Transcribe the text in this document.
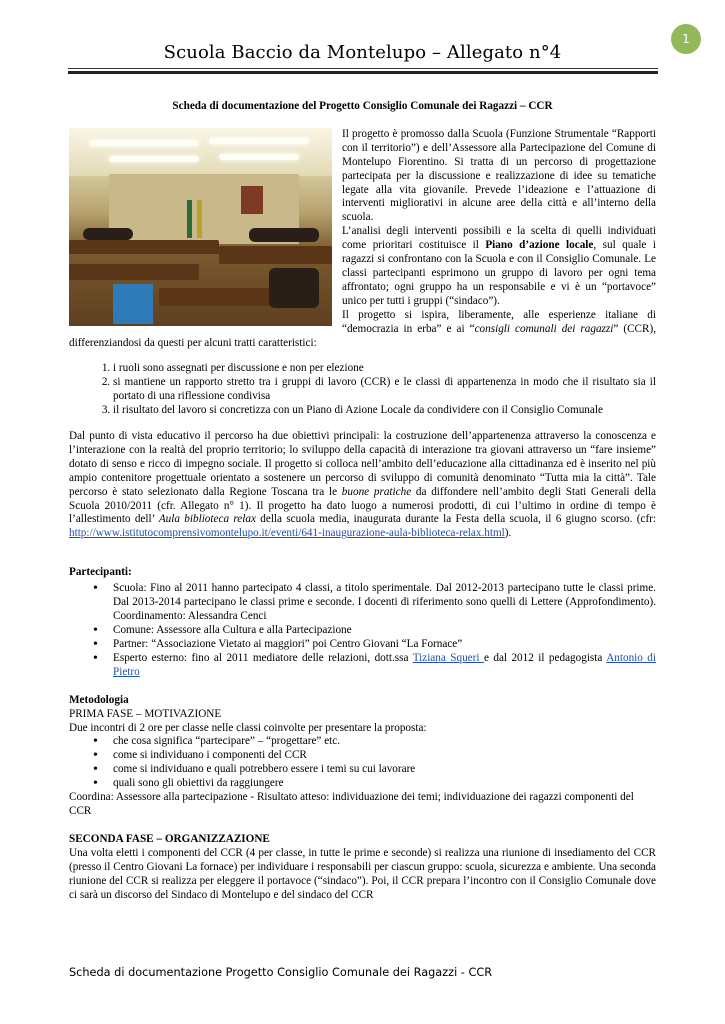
1
Scuola Baccio da Montelupo – Allegato n°4
Scheda di documentazione del Progetto Consiglio Comunale dei Ragazzi – CCR

Il progetto è promosso dalla Scuola (Funzione Strumentale “Rapporti con il territorio”) e dell’Assessore alla Partecipazione del Comune di Montelupo Fiorentino. Si tratta di un percorso di progettazione partecipata per la discussione e realizzazione di idee su tematiche legate alla vita giovanile. Prevede l’ideazione e l’attuazione di interventi migliorativi in alcune aree della città e all’interno della scuola.

L’analisi degli interventi possibili e la scelta di quelli individuati come prioritari costituisce il Piano d’azione locale, sul quale i ragazzi si confrontano con la Scuola e con il Consiglio Comunale. Le classi partecipanti esprimono un gruppo di lavoro per ogni tema affrontato; ogni gruppo ha un responsabile e vi è un “portavoce” unico per tutti i gruppi (“sindaco”).

Il progetto si ispira, liberamente, alle esperienze italiane di “democrazia in erba” e ai “consigli comunali dei ragazzi” (CCR), differenziandosi da questi per alcuni tratti caratteristici:

1. i ruoli sono assegnati per discussione e non per elezione
2. si mantiene un rapporto stretto tra i gruppi di lavoro (CCR) e le classi di appartenenza in modo che il risultato sia il portato di una riflessione condivisa
3. il risultato del lavoro si concretizza con un Piano di Azione Locale da condividere con il Consiglio Comunale

Dal punto di vista educativo il percorso ha due obiettivi principali: la costruzione dell’appartenenza attraverso la conoscenza e l’interazione con la realtà del proprio territorio; lo sviluppo della capacità di interazione tra giovani attraverso un “fare insieme” dotato di senso e ricco di impegno sociale. Il progetto si colloca nell’ambito dell’educazione alla cittadinanza ed è inserito nel più ampio contenitore progettuale orientato a sostenere un percorso di sviluppo di comunità denominato “Tutta mia la città”. Tale percorso è stato selezionato dalla Regione Toscana tra le buone pratiche da diffondere nell’ambito degli Stati Generali della Scuola 2010/2011 (cfr. Allegato n° 1). Il progetto ha dato luogo a numerosi prodotti, di cui l’ultimo in ordine di tempo è l’allestimento dell’ Aula biblioteca relax della scuola media, inaugurata durante la Festa della scuola, il 6 giugno scorso. (cfr: http://www.istitutocomprensivomontelupo.it/eventi/641-inaugurazione-aula-biblioteca-relax.html).

Partecipanti:
• Scuola: Fino al 2011 hanno partecipato 4 classi, a titolo sperimentale. Dal 2012-2013 partecipano tutte le classi prime. Dal 2013-2014 partecipano le classi prime e seconde. I docenti di riferimento sono quelli di Lettere (Approfondimento). Coordinamento: Alessandra Cenci
• Comune: Assessore alla Cultura e alla Partecipazione
• Partner: “Associazione Vietato ai maggiori” poi Centro Giovani “La Fornace”
• Esperto esterno: fino al 2011 mediatore delle relazioni, dott.ssa Tiziana Squeri e dal 2012 il pedagogista Antonio di Pietro
Metodologia
PRIMA FASE – MOTIVAZIONE
Due incontri di 2 ore per classe nelle classi coinvolte per presentare la proposta:
• che cosa significa “partecipare” – “progettare” etc.
• come si individuano i componenti del CCR
• come si individuano e quali potrebbero essere i temi su cui lavorare
• quali sono gli obiettivi da raggiungere
Coordina: Assessore alla partecipazione - Risultato atteso: individuazione dei temi; individuazione dei ragazzi componenti del CCR
SECONDA FASE – ORGANIZZAZIONE

Una volta eletti i componenti del CCR (4 per classe, in tutte le prime e seconde) si realizza una riunione di insediamento del CCR (presso il Centro Giovani La fornace) per individuare i responsabili per ciascun gruppo: scuola, sicurezza e ambiente. Una seconda riunione del CCR si realizza per eleggere il portavoce (“sindaco”). Poi, il CCR prepara l’incontro con il Consiglio Comunale dove ci sarà un discorso del Sindaco di Montelupo e del sindaco del CCR

Scheda di documentazione Progetto Consiglio Comunale dei Ragazzi - CCR
